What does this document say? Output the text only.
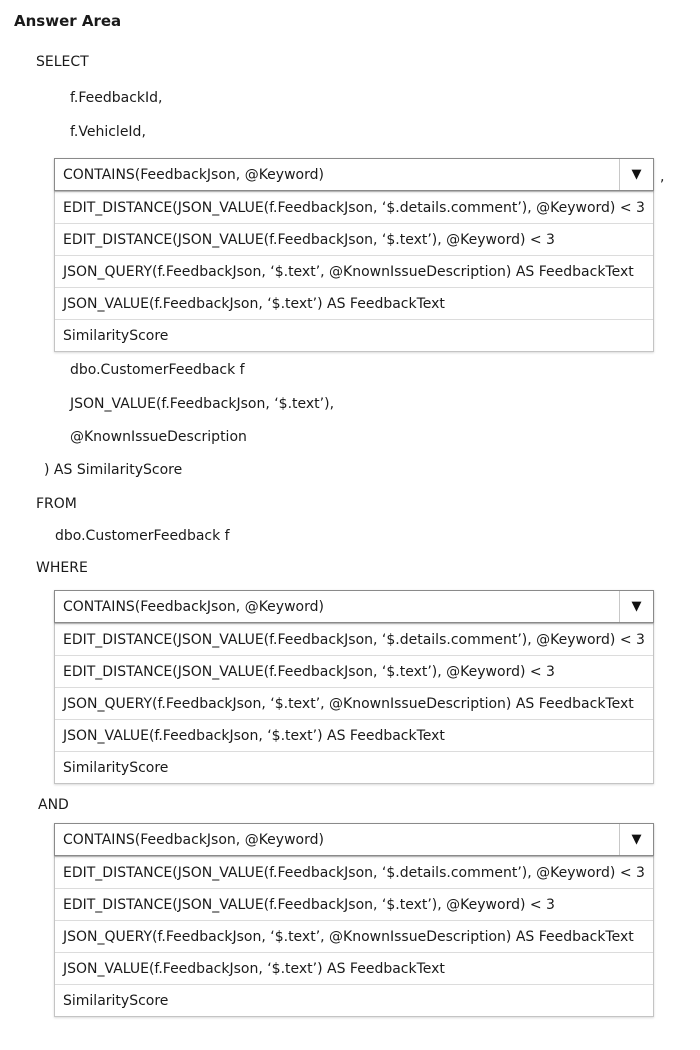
Answer Area
SELECT
f.FeedbackId,
f.VehicleId,
CONTAINS(FeedbackJson, @Keyword)	▼
EDIT_DISTANCE(JSON_VALUE(f.FeedbackJson, ‘$.details.comment’), @Keyword) < 3
EDIT_DISTANCE(JSON_VALUE(f.FeedbackJson, ‘$.text’), @Keyword) < 3
JSON_QUERY(f.FeedbackJson, ‘$.text’, @KnownIssueDescription) AS FeedbackText
JSON_VALUE(f.FeedbackJson, ‘$.text’) AS FeedbackText
SimilarityScore
,
dbo.CustomerFeedback f
JSON_VALUE(f.FeedbackJson, ‘$.text’),
@KnownIssueDescription
) AS SimilarityScore
FROM
dbo.CustomerFeedback f
WHERE
CONTAINS(FeedbackJson, @Keyword)	▼
EDIT_DISTANCE(JSON_VALUE(f.FeedbackJson, ‘$.details.comment’), @Keyword) < 3
EDIT_DISTANCE(JSON_VALUE(f.FeedbackJson, ‘$.text’), @Keyword) < 3
JSON_QUERY(f.FeedbackJson, ‘$.text’, @KnownIssueDescription) AS FeedbackText
JSON_VALUE(f.FeedbackJson, ‘$.text’) AS FeedbackText
SimilarityScore
AND
CONTAINS(FeedbackJson, @Keyword)	▼
EDIT_DISTANCE(JSON_VALUE(f.FeedbackJson, ‘$.details.comment’), @Keyword) < 3
EDIT_DISTANCE(JSON_VALUE(f.FeedbackJson, ‘$.text’), @Keyword) < 3
JSON_QUERY(f.FeedbackJson, ‘$.text’, @KnownIssueDescription) AS FeedbackText
JSON_VALUE(f.FeedbackJson, ‘$.text’) AS FeedbackText
SimilarityScore
